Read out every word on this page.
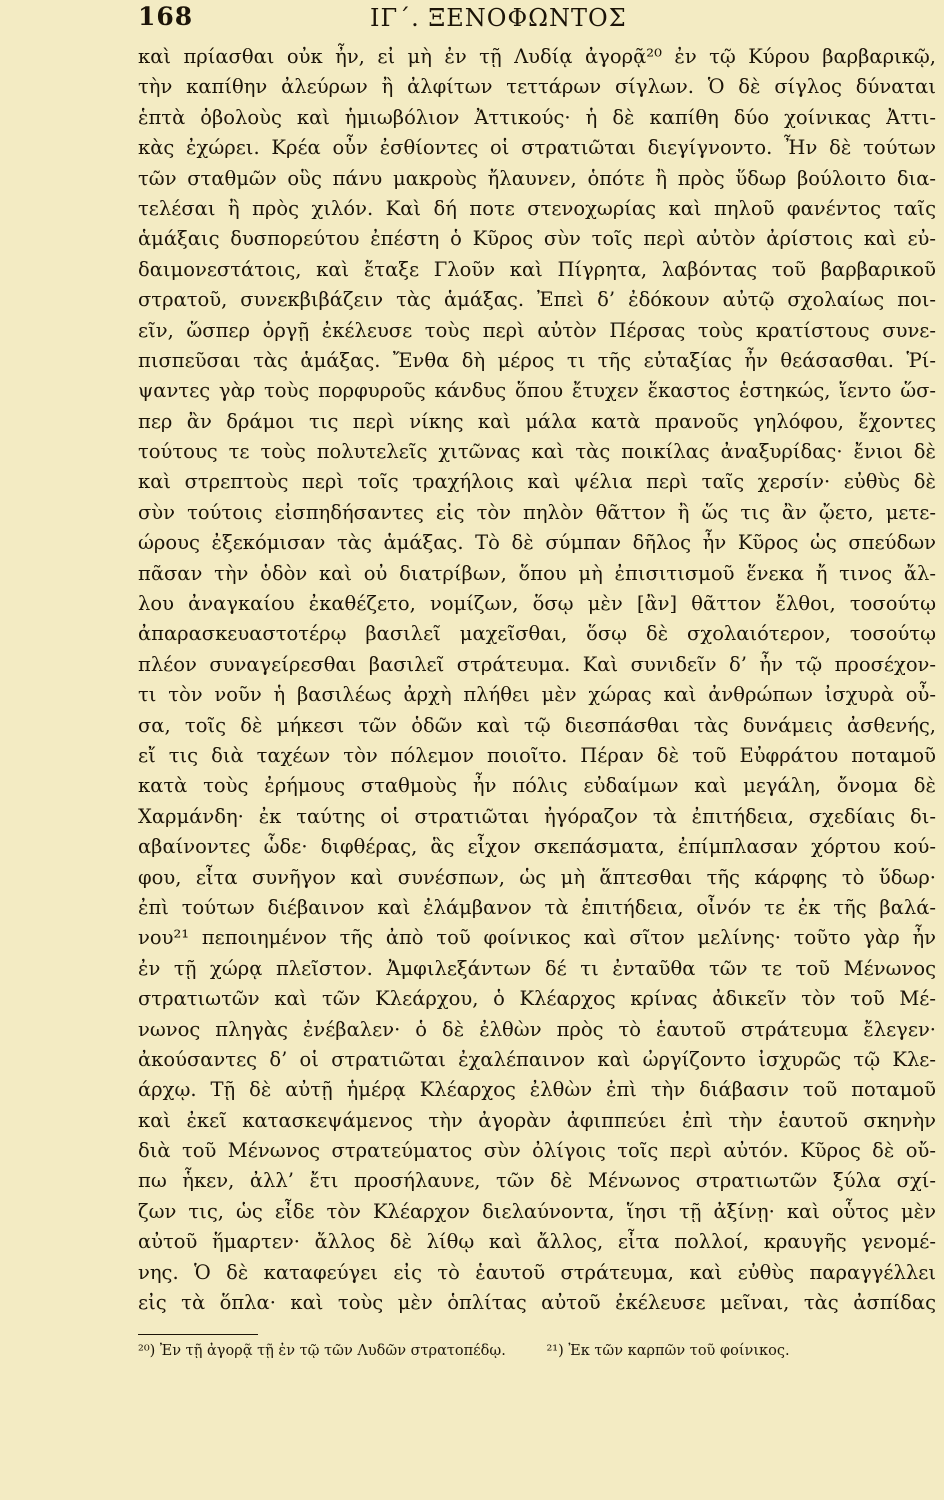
168	ΙΓ΄. ΞΕΝΟΦΩΝΤΟΣ
καὶ πρίασθαι οὐκ ἦν, εἰ μὴ ἐν τῇ Λυδίᾳ ἀγορᾷ²⁰ ἐν τῷ Κύρου βαρβαρικῷ,
τὴν καπίθην ἀλεύρων ἢ ἀλφίτων τεττάρων σίγλων. Ὁ δὲ σίγλος δύναται
ἑπτὰ ὀβολοὺς καὶ ἡμιωβόλιον Ἀττικούς· ἡ δὲ καπίθη δύο χοίνικας Ἀττι-
κὰς ἐχώρει. Κρέα οὖν ἐσθίοντες οἱ στρατιῶται διεγίγνοντο. Ἦν δὲ τούτων
τῶν σταθμῶν οὓς πάνυ μακροὺς ἤλαυνεν, ὁπότε ἢ πρὸς ὕδωρ βούλοιτο δια-
τελέσαι ἢ πρὸς χιλόν. Καὶ δή ποτε στενοχωρίας καὶ πηλοῦ φανέντος ταῖς
ἁμάξαις δυσπορεύτου ἐπέστη ὁ Κῦρος σὺν τοῖς περὶ αὐτὸν ἀρίστοις καὶ εὐ-
δαιμονεστάτοις, καὶ ἔταξε Γλοῦν καὶ Πίγρητα, λαβόντας τοῦ βαρβαρικοῦ
στρατοῦ, συνεκβιβάζειν τὰς ἁμάξας. Ἐπεὶ δ’ ἐδόκουν αὐτῷ σχολαίως ποι-
εῖν, ὥσπερ ὀργῇ ἐκέλευσε τοὺς περὶ αὐτὸν Πέρσας τοὺς κρατίστους συνε-
πισπεῦσαι τὰς ἁμάξας. Ἔνθα δὴ μέρος τι τῆς εὐταξίας ἦν θεάσασθαι. Ῥί-
ψαντες γὰρ τοὺς πορφυροῦς κάνδυς ὅπου ἔτυχεν ἕκαστος ἑστηκώς, ἵεντο ὥσ-
περ ἂν δράμοι τις περὶ νίκης καὶ μάλα κατὰ πρανοῦς γηλόφου, ἔχοντες
τούτους τε τοὺς πολυτελεῖς χιτῶνας καὶ τὰς ποικίλας ἀναξυρίδας· ἔνιοι δὲ
καὶ στρεπτοὺς περὶ τοῖς τραχήλοις καὶ ψέλια περὶ ταῖς χερσίν· εὐθὺς δὲ
σὺν τούτοις εἰσπηδήσαντες εἰς τὸν πηλὸν θᾶττον ἢ ὥς τις ἂν ᾤετο, μετε-
ώρους ἐξεκόμισαν τὰς ἁμάξας. Τὸ δὲ σύμπαν δῆλος ἦν Κῦρος ὡς σπεύδων
πᾶσαν τὴν ὁδὸν καὶ οὐ διατρίβων, ὅπου μὴ ἐπισιτισμοῦ ἕνεκα ἤ τινος ἄλ-
λου ἀναγκαίου ἐκαθέζετο, νομίζων, ὅσῳ μὲν [ἂν] θᾶττον ἔλθοι, τοσούτῳ
ἀπαρασκευαστοτέρῳ βασιλεῖ μαχεῖσθαι, ὅσῳ δὲ σχολαιότερον, τοσούτῳ
πλέον συναγείρεσθαι βασιλεῖ στράτευμα. Καὶ συνιδεῖν δ’ ἦν τῷ προσέχον-
τι τὸν νοῦν ἡ βασιλέως ἀρχὴ πλήθει μὲν χώρας καὶ ἀνθρώπων ἰσχυρὰ οὖ-
σα, τοῖς δὲ μήκεσι τῶν ὁδῶν καὶ τῷ διεσπάσθαι τὰς δυνάμεις ἀσθενής,
εἴ τις διὰ ταχέων τὸν πόλεμον ποιοῖτο. Πέραν δὲ τοῦ Εὐφράτου ποταμοῦ
κατὰ τοὺς ἐρήμους σταθμοὺς ἦν πόλις εὐδαίμων καὶ μεγάλη, ὄνομα δὲ
Χαρμάνδη· ἐκ ταύτης οἱ στρατιῶται ἠγόραζον τὰ ἐπιτήδεια, σχεδίαις δι-
αβαίνοντες ὧδε· διφθέρας, ἃς εἶχον σκεπάσματα, ἐπίμπλασαν χόρτου κού-
φου, εἶτα συνῆγον καὶ συνέσπων, ὡς μὴ ἅπτεσθαι τῆς κάρφης τὸ ὕδωρ·
ἐπὶ τούτων διέβαινον καὶ ἐλάμβανον τὰ ἐπιτήδεια, οἶνόν τε ἐκ τῆς βαλά-
νου²¹ πεποιημένον τῆς ἀπὸ τοῦ φοίνικος καὶ σῖτον μελίνης· τοῦτο γὰρ ἦν
ἐν τῇ χώρᾳ πλεῖστον. Ἀμφιλεξάντων δέ τι ἐνταῦθα τῶν τε τοῦ Μένωνος
στρατιωτῶν καὶ τῶν Κλεάρχου, ὁ Κλέαρχος κρίνας ἀδικεῖν τὸν τοῦ Μέ-
νωνος πληγὰς ἐνέβαλεν· ὁ δὲ ἐλθὼν πρὸς τὸ ἑαυτοῦ στράτευμα ἔλεγεν·
ἀκούσαντες δ’ οἱ στρατιῶται ἐχαλέπαινον καὶ ὠργίζοντο ἰσχυρῶς τῷ Κλε-
άρχῳ. Τῇ δὲ αὐτῇ ἡμέρᾳ Κλέαρχος ἐλθὼν ἐπὶ τὴν διάβασιν τοῦ ποταμοῦ
καὶ ἐκεῖ κατασκεψάμενος τὴν ἀγορὰν ἀφιππεύει ἐπὶ τὴν ἑαυτοῦ σκηνὴν
διὰ τοῦ Μένωνος στρατεύματος σὺν ὀλίγοις τοῖς περὶ αὐτόν. Κῦρος δὲ οὔ-
πω ἧκεν, ἀλλ’ ἔτι προσήλαυνε, τῶν δὲ Μένωνος στρατιωτῶν ξύλα σχί-
ζων τις, ὡς εἶδε τὸν Κλέαρχον διελαύνοντα, ἵησι τῇ ἀξίνῃ· καὶ οὗτος μὲν
αὐτοῦ ἥμαρτεν· ἄλλος δὲ λίθῳ καὶ ἄλλος, εἶτα πολλοί, κραυγῆς γενομέ-
νης. Ὁ δὲ καταφεύγει εἰς τὸ ἑαυτοῦ στράτευμα, καὶ εὐθὺς παραγγέλλει
εἰς τὰ ὅπλα· καὶ τοὺς μὲν ὁπλίτας αὐτοῦ ἐκέλευσε μεῖναι, τὰς ἀσπίδας
²⁰) Ἐν τῇ ἀγορᾷ τῇ ἐν τῷ τῶν Λυδῶν στρατοπέδῳ.	²¹) Ἐκ τῶν καρπῶν τοῦ φοίνικος.
